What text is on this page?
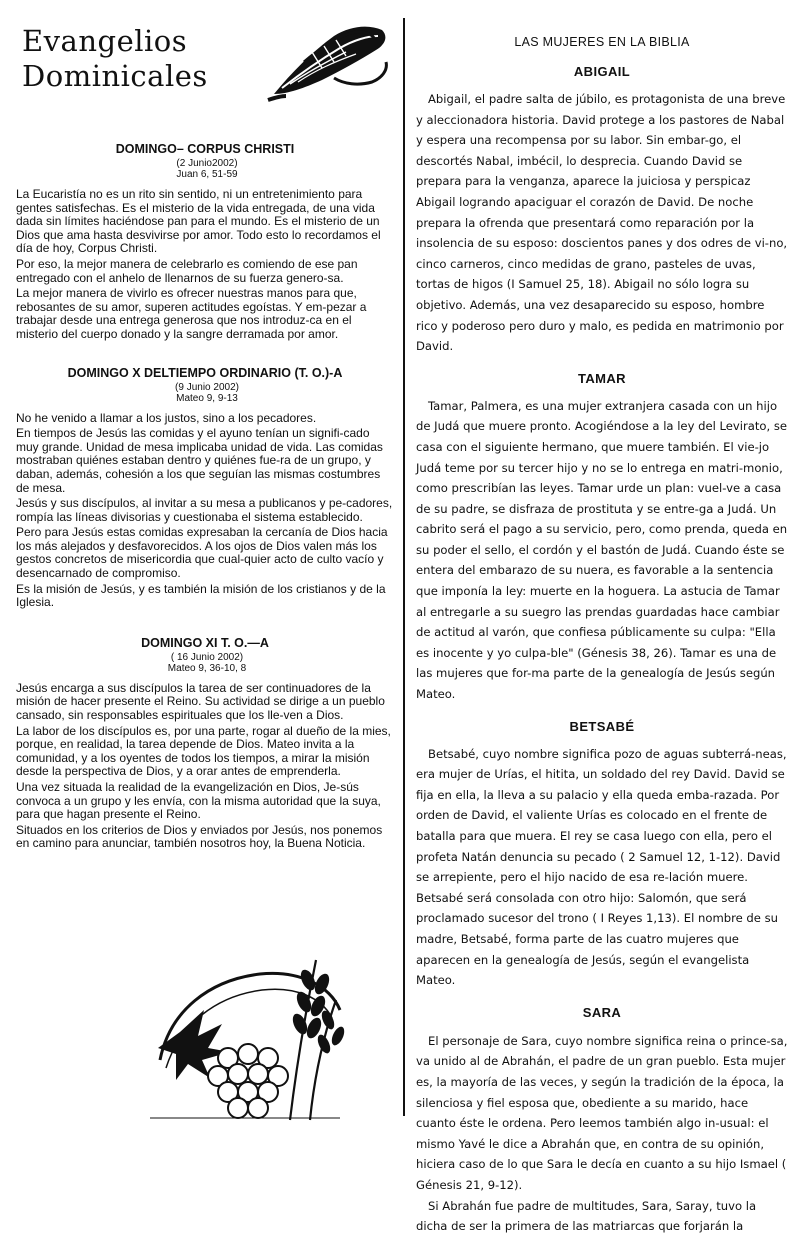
Evangelios
Dominicales
DOMINGO– CORPUS CHRISTI

(2 Junio2002)

Juan 6, 51-59

La Eucaristía no es un rito sin sentido, ni un entretenimiento para gentes satisfechas. Es el misterio de la vida entregada, de una vida dada sin límites haciéndose pan para el mundo. Es el misterio de un Dios que ama hasta desvivirse por amor. Todo esto lo recordamos el día de hoy, Corpus Christi.

Por eso, la mejor manera de celebrarlo es comiendo de ese pan entregado con el anhelo de llenarnos de su fuerza genero-sa.

La mejor manera de vivirlo es ofrecer nuestras manos para que, rebosantes de su amor, superen actitudes egoístas. Y em-pezar a trabajar desde una entrega generosa que nos introduz-ca en el misterio del cuerpo donado y la sangre derramada por amor.

DOMINGO X DELTIEMPO ORDINARIO (T. O.)-A

(9 Junio 2002)

Mateo 9, 9-13

No he venido a llamar a los justos, sino a los pecadores.

En tiempos de Jesús las comidas y el ayuno tenían un signifi-cado muy grande. Unidad de mesa implicaba unidad de vida. Las comidas mostraban quiénes estaban dentro y quiénes fue-ra de un grupo, y daban, además, cohesión a los que seguían las mismas costumbres de mesa.

Jesús y sus discípulos, al invitar a su mesa a publicanos y pe-cadores, rompía las líneas divisorias y cuestionaba el sistema establecido.

Pero para Jesús estas comidas expresaban la cercanía de Dios hacia los más alejados y desfavorecidos. A los ojos de Dios valen más los gestos concretos de misericordia que cual-quier acto de culto vacío y desencarnado de compromiso.

Es la misión de Jesús, y es también la misión de los cristianos y de la Iglesia.

DOMINGO XI T. O.—A

( 16 Junio 2002)

Mateo 9, 36-10, 8

Jesús encarga a sus discípulos la tarea de ser continuadores de la misión de hacer presente el Reino. Su actividad se dirige a un pueblo cansado, sin responsables espirituales que los lle-ven a Dios.

La labor de los discípulos es, por una parte, rogar al dueño de la mies, porque, en realidad, la tarea depende de Dios. Mateo invita a la comunidad, y a los oyentes de todos los tiempos, a mirar la misión desde la perspectiva de Dios, y a orar antes de emprenderla.

Una vez situada la realidad de la evangelización en Dios, Je-sús convoca a un grupo y les envía, con la misma autoridad que la suya, para que hagan presente el Reino.

Situados en los criterios de Dios y enviados por Jesús, nos ponemos en camino para anunciar, también nosotros hoy, la Buena Noticia.

LAS MUJERES EN LA BIBLIA

ABIGAIL

Abigail, el padre salta de júbilo, es protagonista de una breve y aleccionadora historia. David protege a los pastores de Nabal y espera una recompensa por su labor. Sin embar-go, el descortés Nabal, imbécil, lo desprecia. Cuando David se prepara para la venganza, aparece la juiciosa y perspicaz Abigail logrando apaciguar el corazón de David. De noche prepara la ofrenda que presentará como reparación por la insolencia de su esposo: doscientos panes y dos odres de vi-no, cinco carneros, cinco medidas de grano, pasteles de uvas, tortas de higos (I Samuel 25, 18). Abigail no sólo logra su objetivo. Además, una vez desaparecido su esposo, hombre rico y poderoso pero duro y malo, es pedida en matrimonio por David.

TAMAR

Tamar, Palmera, es una mujer extranjera casada con un hijo de Judá que muere pronto. Acogiéndose a la ley del Levirato, se casa con el siguiente hermano, que muere también. El vie-jo Judá teme por su tercer hijo y no se lo entrega en matri-monio, como prescribían las leyes. Tamar urde un plan: vuel-ve a casa de su padre, se disfraza de prostituta y se entre-ga a Judá. Un cabrito será el pago a su servicio, pero, como prenda, queda en su poder el sello, el cordón y el bastón de Judá. Cuando éste se entera del embarazo de su nuera, es favorable a la sentencia que imponía la ley: muerte en la hoguera. La astucia de Tamar al entregarle a su suegro las prendas guardadas hace cambiar de actitud al varón, que confiesa públicamente su culpa: "Ella es inocente y yo culpa-ble" (Génesis 38, 26). Tamar es una de las mujeres que for-ma parte de la genealogía de Jesús según Mateo.

BETSABÉ

Betsabé, cuyo nombre significa pozo de aguas subterrá-neas, era mujer de Urías, el hitita, un soldado del rey David. David se fija en ella, la lleva a su palacio y ella queda emba-razada. Por orden de David, el valiente Urías es colocado en el frente de batalla para que muera. El rey se casa luego con ella, pero el profeta Natán denuncia su pecado ( 2 Samuel 12, 1-12). David se arrepiente, pero el hijo nacido de esa re-lación muere. Betsabé será consolada con otro hijo: Salomón, que será proclamado sucesor del trono ( I Reyes 1,13). El nombre de su madre, Betsabé, forma parte de las cuatro mujeres que aparecen en la genealogía de Jesús, según el evangelista Mateo.

SARA

El personaje de Sara, cuyo nombre significa reina o prince-sa, va unido al de Abrahán, el padre de un gran pueblo. Esta mujer es, la mayoría de las veces, y según la tradición de la época, la silenciosa y fiel esposa que, obediente a su marido, hace cuanto éste le ordena. Pero leemos también algo in-usual: el mismo Yavé le dice a Abrahán que, en contra de su opinión, hiciera caso de lo que Sara le decía en cuanto a su hijo Ismael ( Génesis 21, 9-12).

Si Abrahán fue padre de multitudes, Sara, Saray, tuvo la dicha de ser la primera de las matriarcas que forjarán la
